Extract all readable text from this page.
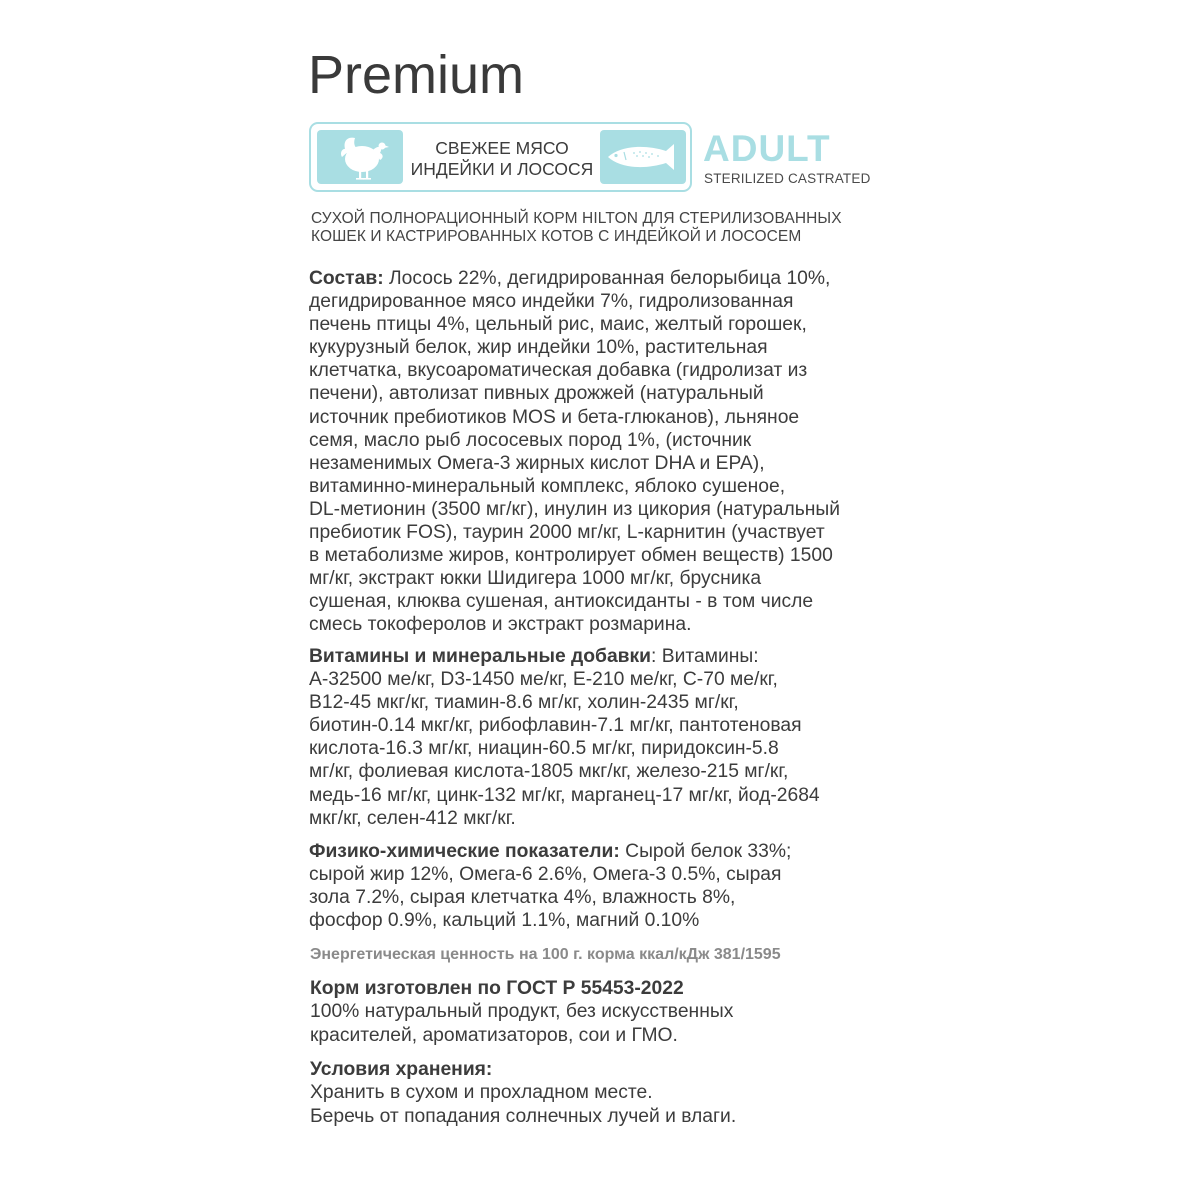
Premium
СВЕЖЕЕ МЯСО
ИНДЕЙКИ И ЛОСОСЯ	ADULT
STERILIZED CASTRATED
СУХОЙ ПОЛНОРАЦИОННЫЙ КОРМ HILTON ДЛЯ СТЕРИЛИЗОВАННЫХ
КОШЕК И КАСТРИРОВАННЫХ КОТОВ С ИНДЕЙКОЙ И ЛОСОСЕМ
Состав: Лосось 22%, дегидрированная белорыбица 10%,
дегидрированное мясо индейки 7%, гидролизованная
печень птицы 4%, цельный рис, маис, желтый горошек,
кукурузный белок, жир индейки 10%, растительная
клетчатка, вкусоароматическая добавка (гидролизат из
печени), автолизат пивных дрожжей (натуральный
источник пребиотиков MOS и бета-глюканов), льняное
семя, масло рыб лососевых пород 1%, (источник
незаменимых Омега-3 жирных кислот DHA и EPA),
витаминно-минеральный комплекс, яблоко сушеное,
DL-метионин (3500 мг/кг), инулин из цикория (натуральный
пребиотик FOS), таурин 2000 мг/кг, L-карнитин (участвует
в метаболизме жиров, контролирует обмен веществ) 1500
мг/кг, экстракт юкки Шидигера 1000 мг/кг, брусника
сушеная, клюква сушеная, антиоксиданты - в том числе
смесь токоферолов и экстракт розмарина.
Витамины и минеральные добавки: Витамины:
А-32500 ме/кг, D3-1450 ме/кг, Е-210 ме/кг, С-70 ме/кг,
В12-45 мкг/кг, тиамин-8.6 мг/кг, холин-2435 мг/кг,
биотин-0.14 мкг/кг, рибофлавин-7.1 мг/кг, пантотеновая
кислота-16.3 мг/кг, ниацин-60.5 мг/кг, пиридоксин-5.8
мг/кг, фолиевая кислота-1805 мкг/кг, железо-215 мг/кг,
медь-16 мг/кг, цинк-132 мг/кг, марганец-17 мг/кг, йод-2684
мкг/кг, селен-412 мкг/кг.
Физико-химические показатели: Сырой белок 33%;
сырой жир 12%, Омега-6 2.6%, Омега-3 0.5%, сырая
зола 7.2%, сырая клетчатка 4%, влажность 8%,
фосфор 0.9%, кальций 1.1%, магний 0.10%
Энергетическая ценность на 100 г. корма ккал/кДж 381/1595
Корм изготовлен по ГОСТ Р 55453-2022
100% натуральный продукт, без искусственных
красителей, ароматизаторов, сои и ГМО.
Условия хранения:
Хранить в сухом и прохладном месте.
Беречь от попадания солнечных лучей и влаги.
